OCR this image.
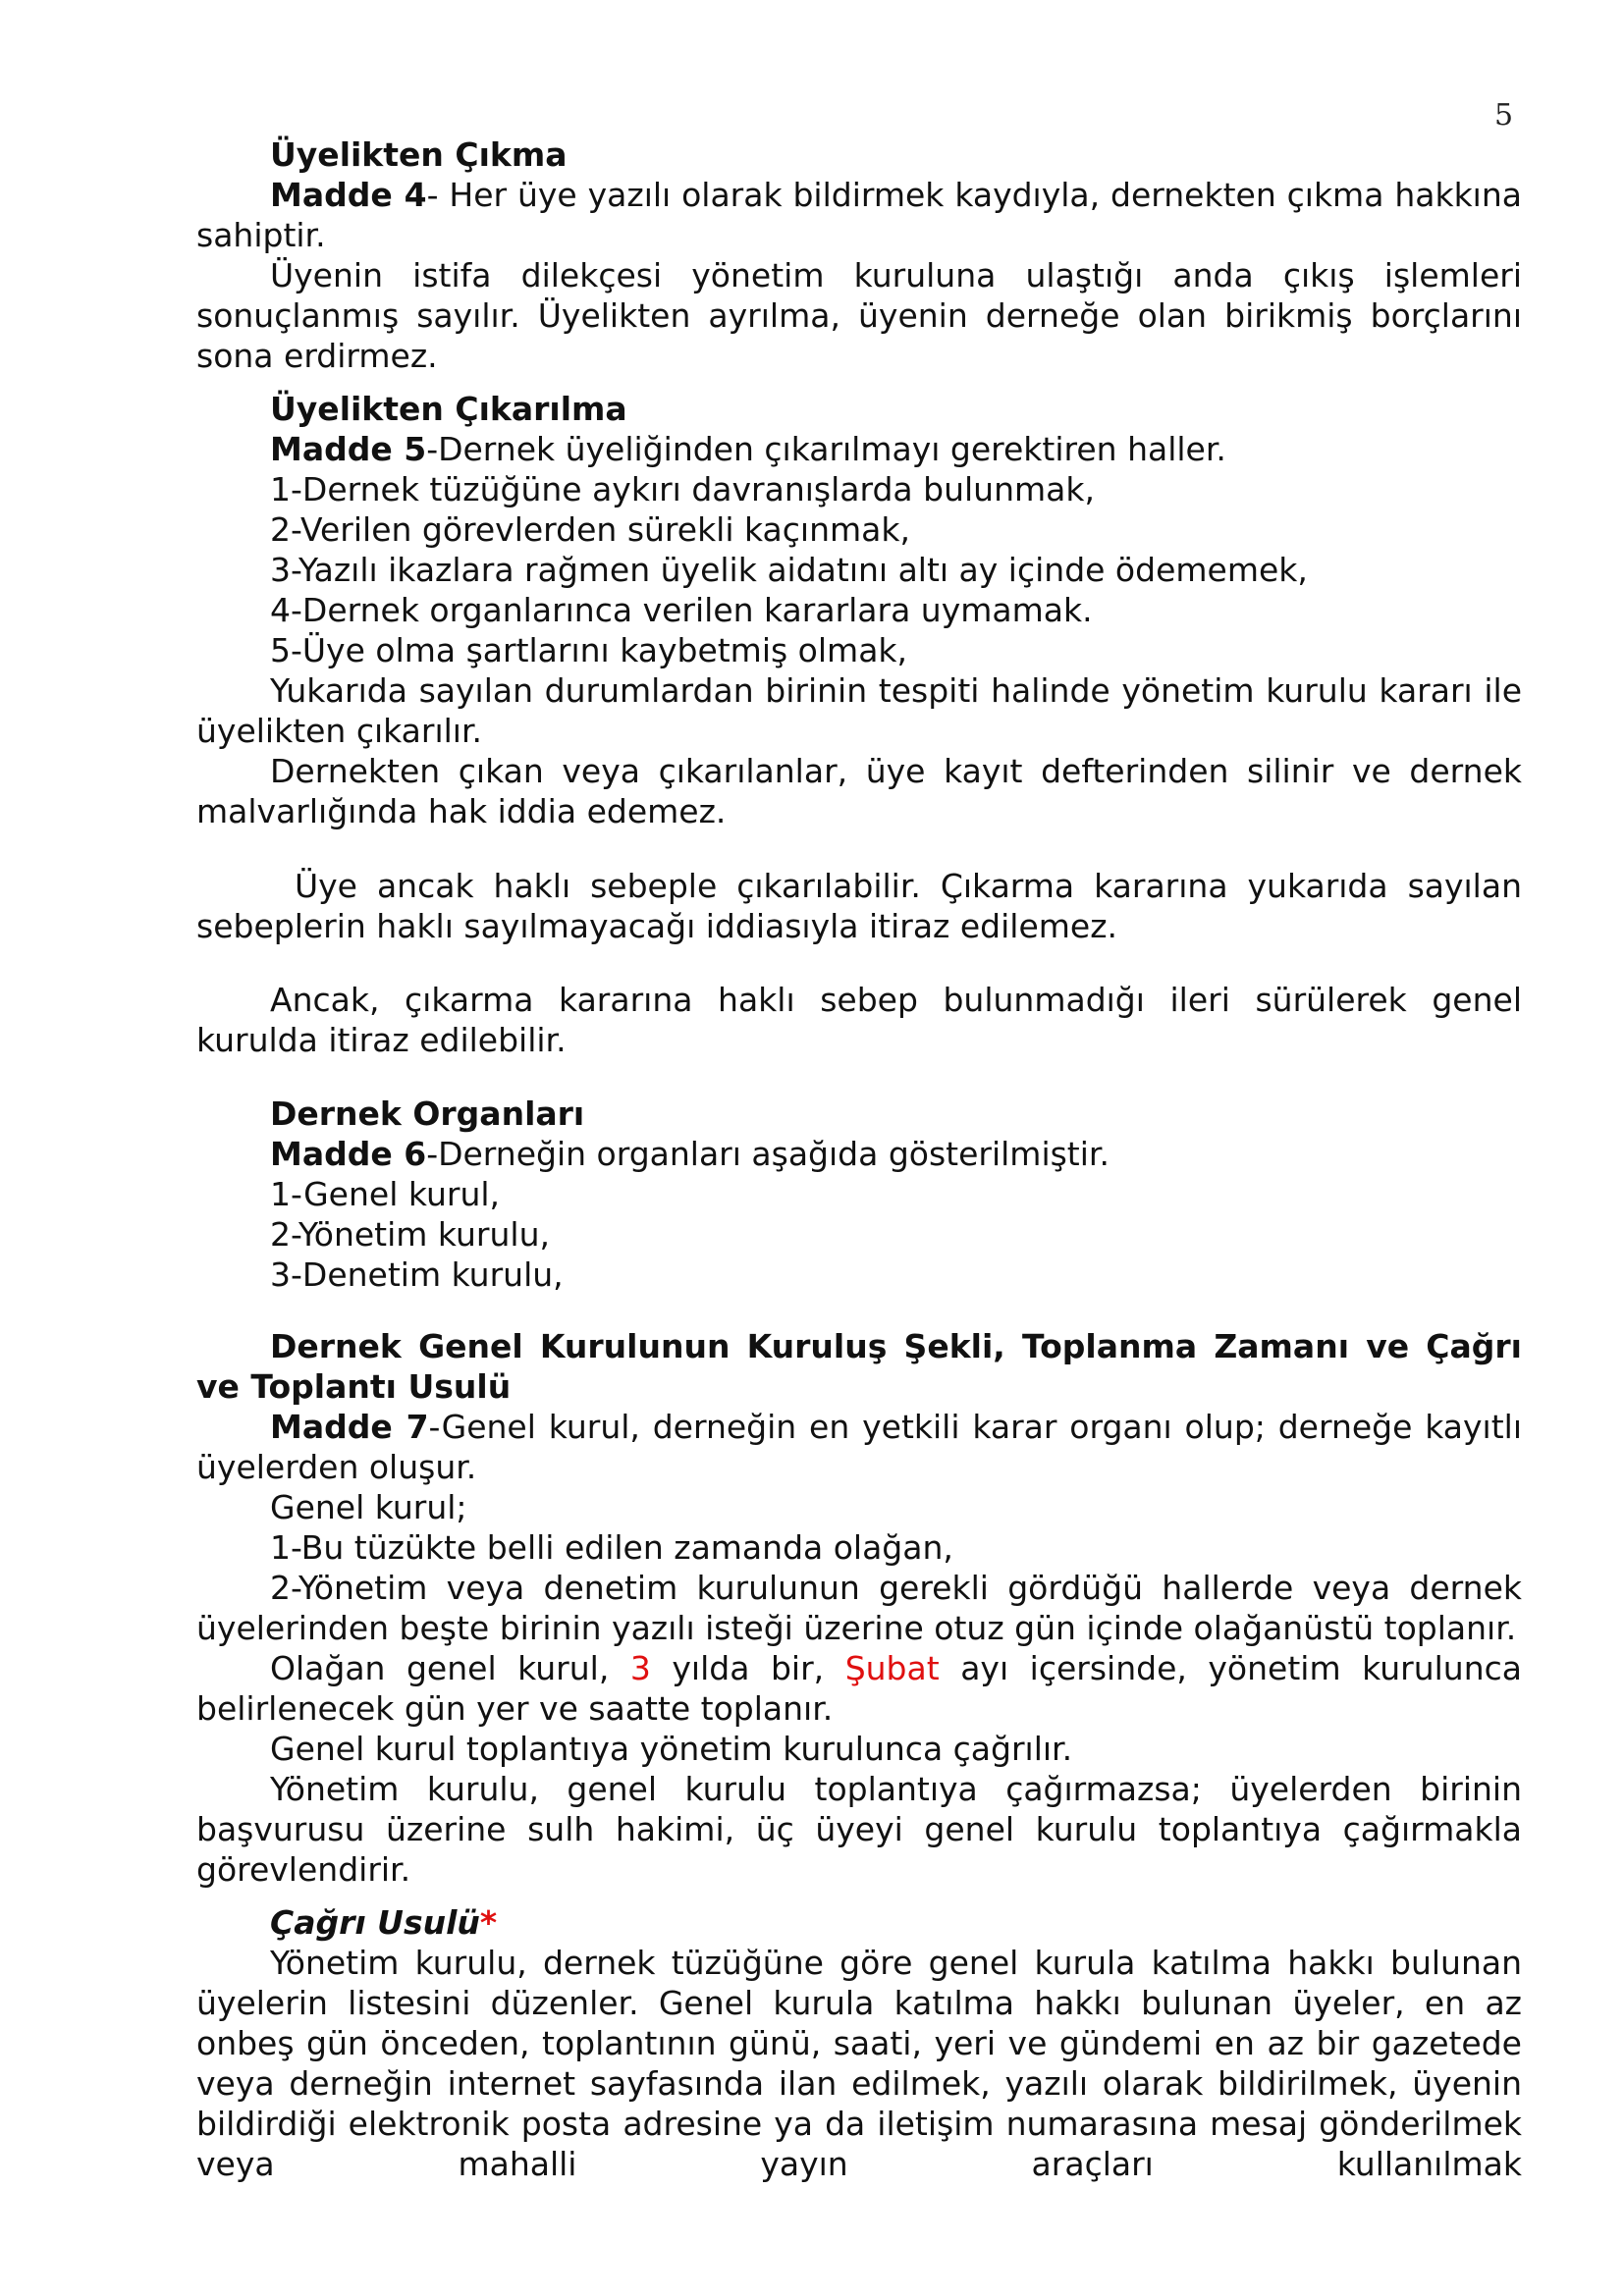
5

Üyelikten Çıkma

Madde 4- Her üye yazılı olarak bildirmek kaydıyla, dernekten çıkma hakkına sahiptir.

Üyenin istifa dilekçesi yönetim kuruluna ulaştığı anda çıkış işlemleri sonuçlanmış sayılır. Üyelikten ayrılma, üyenin derneğe olan birikmiş borçlarını sona erdirmez.

Üyelikten Çıkarılma

Madde 5-Dernek üyeliğinden çıkarılmayı gerektiren haller.

1-Dernek tüzüğüne aykırı davranışlarda bulunmak,

2-Verilen görevlerden sürekli kaçınmak,

3-Yazılı ikazlara rağmen üyelik aidatını altı ay içinde ödememek,

4-Dernek organlarınca verilen kararlara uymamak.

5-Üye olma şartlarını kaybetmiş olmak,

Yukarıda sayılan durumlardan birinin tespiti halinde yönetim kurulu kararı ile üyelikten çıkarılır.

Dernekten çıkan veya çıkarılanlar, üye kayıt defterinden silinir ve dernek malvarlığında hak iddia edemez.

Üye ancak haklı sebeple çıkarılabilir. Çıkarma kararına yukarıda sayılan sebeplerin haklı sayılmayacağı iddiasıyla itiraz edilemez.

Ancak, çıkarma kararına haklı sebep bulunmadığı ileri sürülerek genel kurulda itiraz edilebilir.

Dernek Organları

Madde 6-Derneğin organları aşağıda gösterilmiştir.

1-Genel kurul,

2-Yönetim kurulu,

3-Denetim kurulu,

Dernek Genel Kurulunun Kuruluş Şekli, Toplanma Zamanı ve Çağrı ve Toplantı Usulü

Madde 7-Genel kurul, derneğin en yetkili karar organı olup; derneğe kayıtlı üyelerden oluşur.

Genel kurul;

1-Bu tüzükte belli edilen zamanda olağan,

2-Yönetim veya denetim kurulunun gerekli gördüğü hallerde veya dernek üyelerinden beşte birinin yazılı isteği üzerine otuz gün içinde olağanüstü toplanır.

Olağan genel kurul, 3 yılda bir, Şubat ayı içersinde, yönetim kurulunca belirlenecek gün yer ve saatte toplanır.

Genel kurul toplantıya yönetim kurulunca çağrılır.

Yönetim kurulu, genel kurulu toplantıya çağırmazsa; üyelerden birinin başvurusu üzerine sulh hakimi, üç üyeyi genel kurulu toplantıya çağırmakla görevlendirir.

Çağrı Usulü*

Yönetim kurulu, dernek tüzüğüne göre genel kurula katılma hakkı bulunan üyelerin listesini düzenler. Genel kurula katılma hakkı bulunan üyeler, en az onbeş gün önceden, toplantının günü, saati, yeri ve gündemi en az bir gazetede veya derneğin internet sayfasında ilan edilmek, yazılı olarak bildirilmek, üyenin bildirdiği elektronik posta adresine ya da iletişim numarasına mesaj gönderilmek veya mahalli yayın araçları kullanılmak
